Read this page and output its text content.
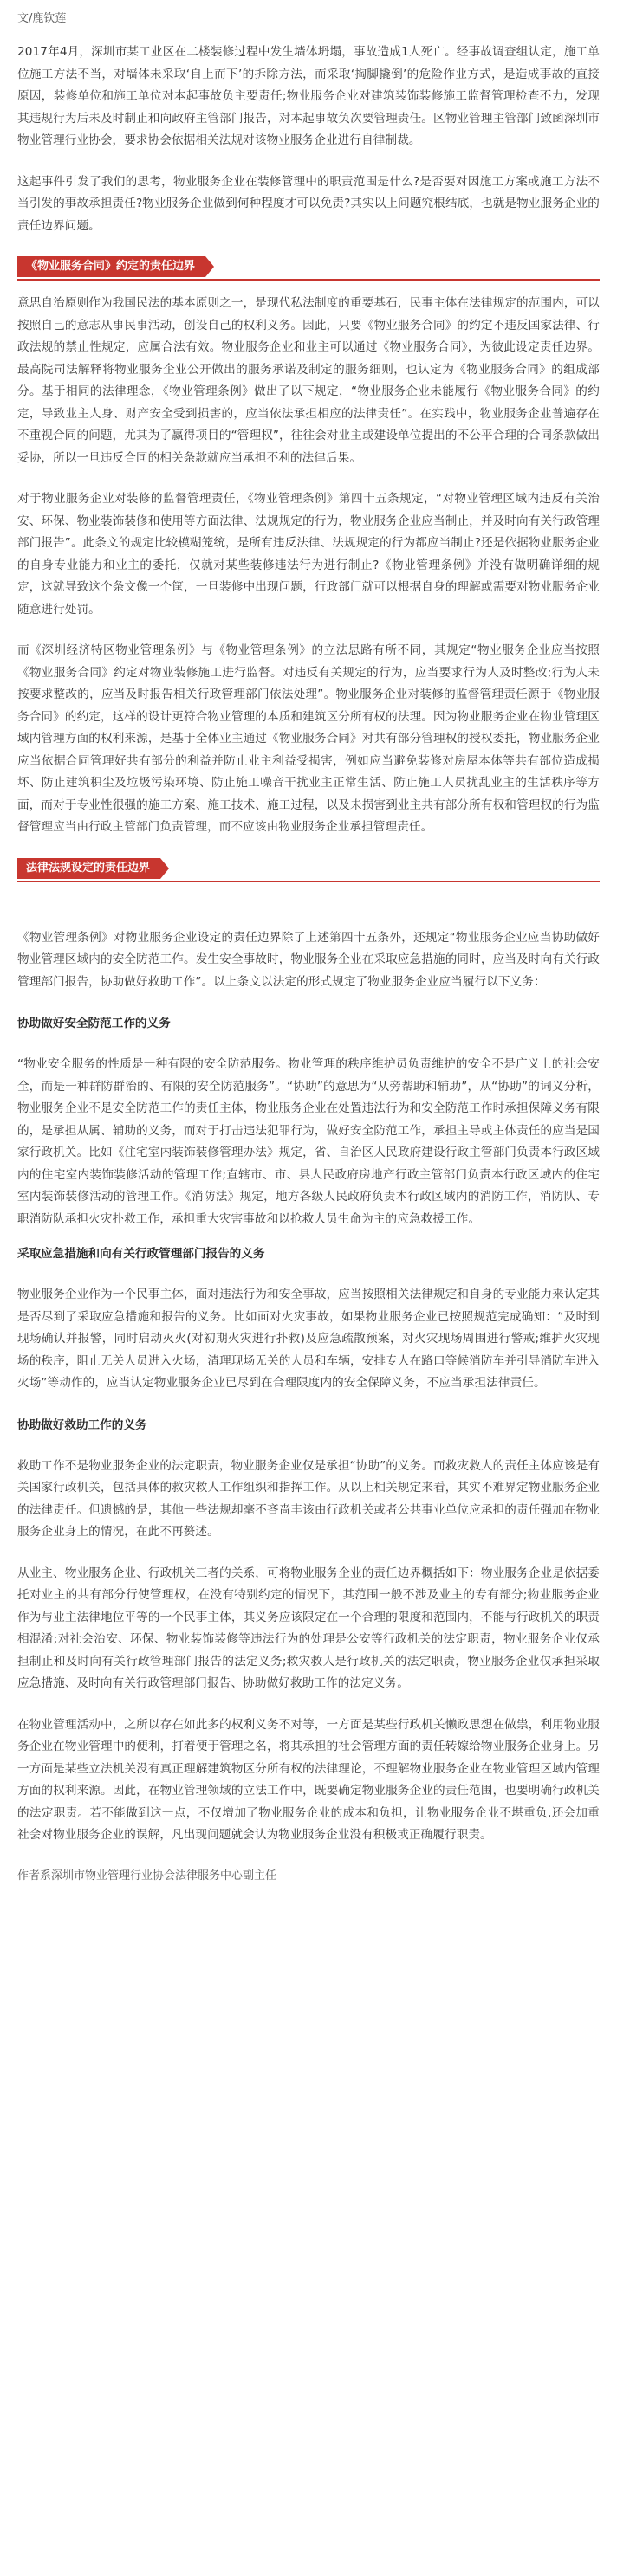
文/鹿钦莲

2017年4月，深圳市某工业区在二楼装修过程中发生墙体坍塌，事故造成1人死亡。经事故调查组认定，施工单位施工方法不当，对墙体未采取‘自上而下’的拆除方法，而采取‘掏脚撬倒’的危险作业方式，是造成事故的直接原因，装修单位和施工单位对本起事故负主要责任;物业服务企业对建筑装饰装修施工监督管理检查不力，发现其违规行为后未及时制止和向政府主管部门报告，对本起事故负次要管理责任。区物业管理主管部门致函深圳市物业管理行业协会，要求协会依据相关法规对该物业服务企业进行自律制裁。

这起事件引发了我们的思考，物业服务企业在装修管理中的职责范围是什么?是否要对因施工方案或施工方法不当引发的事故承担责任?物业服务企业做到何种程度才可以免责?其实以上问题究根结底，也就是物业服务企业的责任边界问题。

《物业服务合同》约定的责任边界

意思自治原则作为我国民法的基本原则之一，是现代私法制度的重要基石，民事主体在法律规定的范围内，可以按照自己的意志从事民事活动，创设自己的权利义务。因此，只要《物业服务合同》的约定不违反国家法律、行政法规的禁止性规定，应属合法有效。物业服务企业和业主可以通过《物业服务合同》，为彼此设定责任边界。最高院司法解释将物业服务企业公开做出的服务承诺及制定的服务细则，也认定为《物业服务合同》的组成部分。基于相同的法律理念，《物业管理条例》做出了以下规定，“物业服务企业未能履行《物业服务合同》的约定，导致业主人身、财产安全受到损害的，应当依法承担相应的法律责任”。在实践中，物业服务企业普遍存在不重视合同的问题，尤其为了赢得项目的“管理权”，往往会对业主或建设单位提出的不公平合理的合同条款做出妥协，所以一旦违反合同的相关条款就应当承担不利的法律后果。

对于物业服务企业对装修的监督管理责任，《物业管理条例》第四十五条规定，“对物业管理区域内违反有关治安、环保、物业装饰装修和使用等方面法律、法规规定的行为，物业服务企业应当制止，并及时向有关行政管理部门报告”。此条文的规定比较模糊笼统，是所有违反法律、法规规定的行为都应当制止?还是依据物业服务企业的自身专业能力和业主的委托，仅就对某些装修违法行为进行制止?《物业管理条例》并没有做明确详细的规定，这就导致这个条文像一个筐，一旦装修中出现问题，行政部门就可以根据自身的理解或需要对物业服务企业随意进行处罚。

而《深圳经济特区物业管理条例》与《物业管理条例》的立法思路有所不同，其规定“物业服务企业应当按照《物业服务合同》约定对物业装修施工进行监督。对违反有关规定的行为，应当要求行为人及时整改;行为人未按要求整改的，应当及时报告相关行政管理部门依法处理”。物业服务企业对装修的监督管理责任源于《物业服务合同》的约定，这样的设计更符合物业管理的本质和建筑区分所有权的法理。因为物业服务企业在物业管理区域内管理方面的权利来源，是基于全体业主通过《物业服务合同》对共有部分管理权的授权委托，物业服务企业应当依据合同管理好共有部分的利益并防止业主利益受损害，例如应当避免装修对房屋本体等共有部位造成损坏、防止建筑积尘及垃圾污染环境、防止施工噪音干扰业主正常生活、防止施工人员扰乱业主的生活秩序等方面，而对于专业性很强的施工方案、施工技术、施工过程，以及未损害到业主共有部分所有权和管理权的行为监督管理应当由行政主管部门负责管理，而不应该由物业服务企业承担管理责任。

法律法规设定的责任边界

《物业管理条例》对物业服务企业设定的责任边界除了上述第四十五条外，还规定“物业服务企业应当协助做好物业管理区域内的安全防范工作。发生安全事故时，物业服务企业在采取应急措施的同时，应当及时向有关行政管理部门报告，协助做好救助工作”。以上条文以法定的形式规定了物业服务企业应当履行以下义务：

协助做好安全防范工作的义务

“物业安全服务的性质是一种有限的安全防范服务。物业管理的秩序维护员负责维护的安全不是广义上的社会安全，而是一种群防群治的、有限的安全防范服务”。“协助”的意思为“从旁帮助和辅助”，从“协助”的词义分析，物业服务企业不是安全防范工作的责任主体，物业服务企业在处置违法行为和安全防范工作时承担保障义务有限的，是承担从属、辅助的义务，而对于打击违法犯罪行为，做好安全防范工作，承担主导或主体责任的应当是国家行政机关。比如《住宅室内装饰装修管理办法》规定，省、自治区人民政府建设行政主管部门负责本行政区域内的住宅室内装饰装修活动的管理工作;直辖市、市、县人民政府房地产行政主管部门负责本行政区域内的住宅室内装饰装修活动的管理工作。《消防法》规定，地方各级人民政府负责本行政区域内的消防工作，消防队、专职消防队承担火灾扑救工作，承担重大灾害事故和以抢救人员生命为主的应急救援工作。

采取应急措施和向有关行政管理部门报告的义务

物业服务企业作为一个民事主体，面对违法行为和安全事故，应当按照相关法律规定和自身的专业能力来认定其是否尽到了采取应急措施和报告的义务。比如面对火灾事故，如果物业服务企业已按照规范完成确知：“及时到现场确认并报警，同时启动灭火(对初期火灾进行扑救)及应急疏散预案，对火灾现场周围进行警戒;维护火灾现场的秩序，阻止无关人员进入火场，清理现场无关的人员和车辆，安排专人在路口等候消防车并引导消防车进入火场”等动作的，应当认定物业服务企业已尽到在合理限度内的安全保障义务，不应当承担法律责任。

协助做好救助工作的义务

救助工作不是物业服务企业的法定职责，物业服务企业仅是承担“协助”的义务。而救灾救人的责任主体应该是有关国家行政机关，包括具体的救灾救人工作组织和指挥工作。从以上相关规定来看，其实不难界定物业服务企业的法律责任。但遗憾的是，其他一些法规却毫不吝啬丰该由行政机关或者公共事业单位应承担的责任强加在物业服务企业身上的情况，在此不再赘述。

从业主、物业服务企业、行政机关三者的关系，可将物业服务企业的责任边界概括如下：物业服务企业是依据委托对业主的共有部分行使管理权，在没有特别约定的情况下，其范围一般不涉及业主的专有部分;物业服务企业作为与业主法律地位平等的一个民事主体，其义务应该限定在一个合理的限度和范围内，不能与行政机关的职责相混淆;对社会治安、环保、物业装饰装修等违法行为的处理是公安等行政机关的法定职责，物业服务企业仅承担制止和及时向有关行政管理部门报告的法定义务;救灾救人是行政机关的法定职责，物业服务企业仅承担采取应急措施、及时向有关行政管理部门报告、协助做好救助工作的法定义务。

在物业管理活动中，之所以存在如此多的权利义务不对等，一方面是某些行政机关懒政思想在做祟，利用物业服务企业在物业管理中的便利，打着便于管理之名，将其承担的社会管理方面的责任转嫁给物业服务企业身上。另一方面是某些立法机关没有真正理解建筑物区分所有权的法律理论，不理解物业服务企业在物业管理区域内管理方面的权利来源。因此，在物业管理领域的立法工作中，既要确定物业服务企业的责任范围，也要明确行政机关的法定职责。若不能做到这一点，不仅增加了物业服务企业的成本和负担，让物业服务企业不堪重负,还会加重社会对物业服务企业的误解，凡出现问题就会认为物业服务企业没有积极或正确履行职责。

作者系深圳市物业管理行业协会法律服务中心副主任
